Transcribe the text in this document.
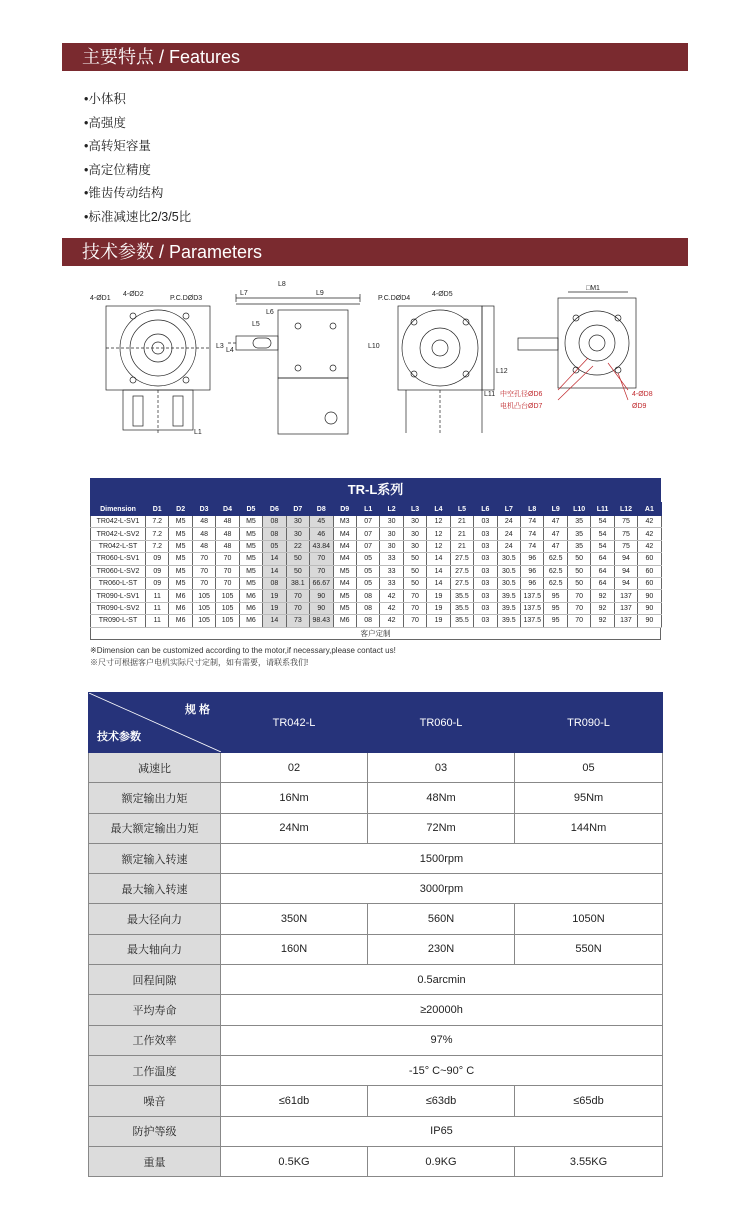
主要特点 / Features
•小体积
•高强度
•高转矩容量
•高定位精度
•锥齿传动结构
•标准减速比2/3/5比
技术参数 / Parameters
4-ØD1
4-ØD2
P.C.DØD3
L8
L7	L9
L6
L5
L3
L4
L1
L10
P.C.DØD4
4-ØD5
L11
L12
□M1
中空孔径ØD6
电机凸台ØD7
4-ØD8
ØD9
TR-L系列
Dimension	D1	D2	D3	D4	D5	D6	D7	D8	D9	L1	L2	L3	L4	L5	L6	L7	L8	L9	L10	L11	L12	A1
TR042-L-SV1	7.2	M5	48	48	M5	08	30	45	M3	07	30	30	12	21	03	24	74	47	35	54	75	42
TR042-L-SV2	7.2	M5	48	48	M5	08	30	46	M4	07	30	30	12	21	03	24	74	47	35	54	75	42
TR042-L-ST	7.2	M5	48	48	M5	05	22	43.84	M4	07	30	30	12	21	03	24	74	47	35	54	75	42
TR060-L-SV1	09	M5	70	70	M5	14	50	70	M4	05	33	50	14	27.5	03	30.5	96	62.5	50	64	94	60
TR060-L-SV2	09	M5	70	70	M5	14	50	70	M5	05	33	50	14	27.5	03	30.5	96	62.5	50	64	94	60
TR060-L-ST	09	M5	70	70	M5	08	38.1	66.67	M4	05	33	50	14	27.5	03	30.5	96	62.5	50	64	94	60
TR090-L-SV1	11	M6	105	105	M6	19	70	90	M5	08	42	70	19	35.5	03	39.5	137.5	95	70	92	137	90
TR090-L-SV2	11	M6	105	105	M6	19	70	90	M5	08	42	70	19	35.5	03	39.5	137.5	95	70	92	137	90
TR090-L-ST	11	M6	105	105	M6	14	73	98.43	M6	08	42	70	19	35.5	03	39.5	137.5	95	70	92	137	90
客户定制
※Dimension can be customized according to the motor,if necessary,please contact us!
※尺寸可根据客户电机实际尺寸定制，如有需要，请联系我们!
规 格
技术参数	TR042-L	TR060-L	TR090-L
减速比	02	03	05
额定输出力矩	16Nm	48Nm	95Nm
最大额定输出力矩	24Nm	72Nm	144Nm
额定输入转速	1500rpm		
最大输入转速	3000rpm		
最大径向力	350N	560N	1050N
最大轴向力	160N	230N	550N
回程间隙	0.5arcmin		
平均寿命	≥20000h		
工作效率	97%		
工作温度	-15° C~90° C		
噪音	≤61db	≤63db	≤65db
防护等级	IP65		
重量	0.5KG	0.9KG	3.55KG
